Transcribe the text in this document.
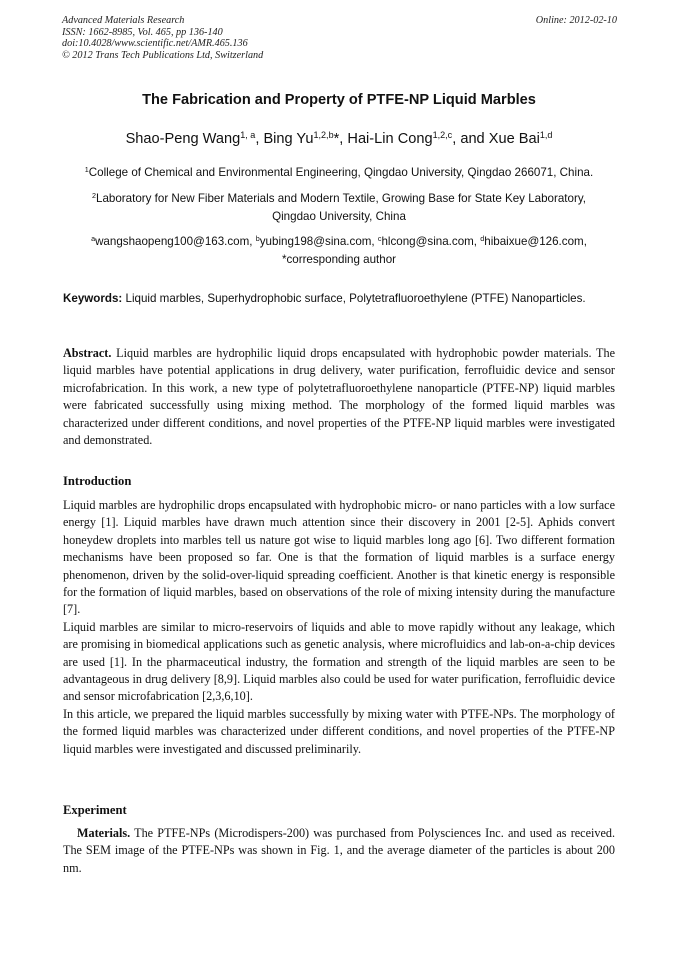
Advanced Materials Research
ISSN: 1662-8985, Vol. 465, pp 136-140
doi:10.4028/www.scientific.net/AMR.465.136
© 2012 Trans Tech Publications Ltd, Switzerland
Online: 2012-02-10
The Fabrication and Property of PTFE-NP Liquid Marbles
Shao-Peng Wang$^{1, a}$, Bing Yu$^{1,2,b}$*, Hai-Lin Cong$^{1,2,c}$, and Xue Bai$^{1,d}$
$^1$College of Chemical and Environmental Engineering, Qingdao University, Qingdao 266071, China.
$^2$Laboratory for New Fiber Materials and Modern Textile, Growing Base for State Key Laboratory,
Qingdao University, China
$^a$wangshaopeng100@163.com, $^b$yubing198@sina.com, $^c$hlcong@sina.com, $^d$hibaixue@126.com,
*corresponding author
Keywords: Liquid marbles, Superhydrophobic surface, Polytetrafluoroethylene (PTFE) Nanoparticles.
Abstract. Liquid marbles are hydrophilic liquid drops encapsulated with hydrophobic powder materials. The liquid marbles have potential applications in drug delivery, water purification, ferrofluidic device and sensor microfabrication. In this work, a new type of polytetrafluoroethylene nanoparticle (PTFE-NP) liquid marbles were fabricated successfully using mixing method. The morphology of the formed liquid marbles was characterized under different conditions, and novel properties of the PTFE-NP liquid marbles were investigated and demonstrated.
Introduction

Liquid marbles are hydrophilic drops encapsulated with hydrophobic micro- or nano particles with a low surface energy [1]. Liquid marbles have drawn much attention since their discovery in 2001 [2-5]. Aphids convert honeydew droplets into marbles tell us nature got wise to liquid marbles long ago [6]. Two different formation mechanisms have been proposed so far. One is that the formation of liquid marbles is a surface energy phenomenon, driven by the solid-over-liquid spreading coefficient. Another is that kinetic energy is responsible for the formation of liquid marbles, based on observations of the role of mixing intensity during the manufacture [7].

Liquid marbles are similar to micro-reservoirs of liquids and able to move rapidly without any leakage, which are promising in biomedical applications such as genetic analysis, where microfluidics and lab-on-a-chip devices are used [1]. In the pharmaceutical industry, the formation and strength of the liquid marbles are seen to be advantageous in drug delivery [8,9]. Liquid marbles also could be used for water purification, ferrofluidic device and sensor microfabrication [2,3,6,10].

In this article, we prepared the liquid marbles successfully by mixing water with PTFE-NPs. The morphology of the formed liquid marbles was characterized under different conditions, and novel properties of the PTFE-NP liquid marbles were investigated and discussed preliminarily.

Experiment
Materials. The PTFE-NPs (Microdispers-200) was purchased from Polysciences Inc. and used as received. The SEM image of the PTFE-NPs was shown in Fig. 1, and the average diameter of the particles is about 200 nm.
